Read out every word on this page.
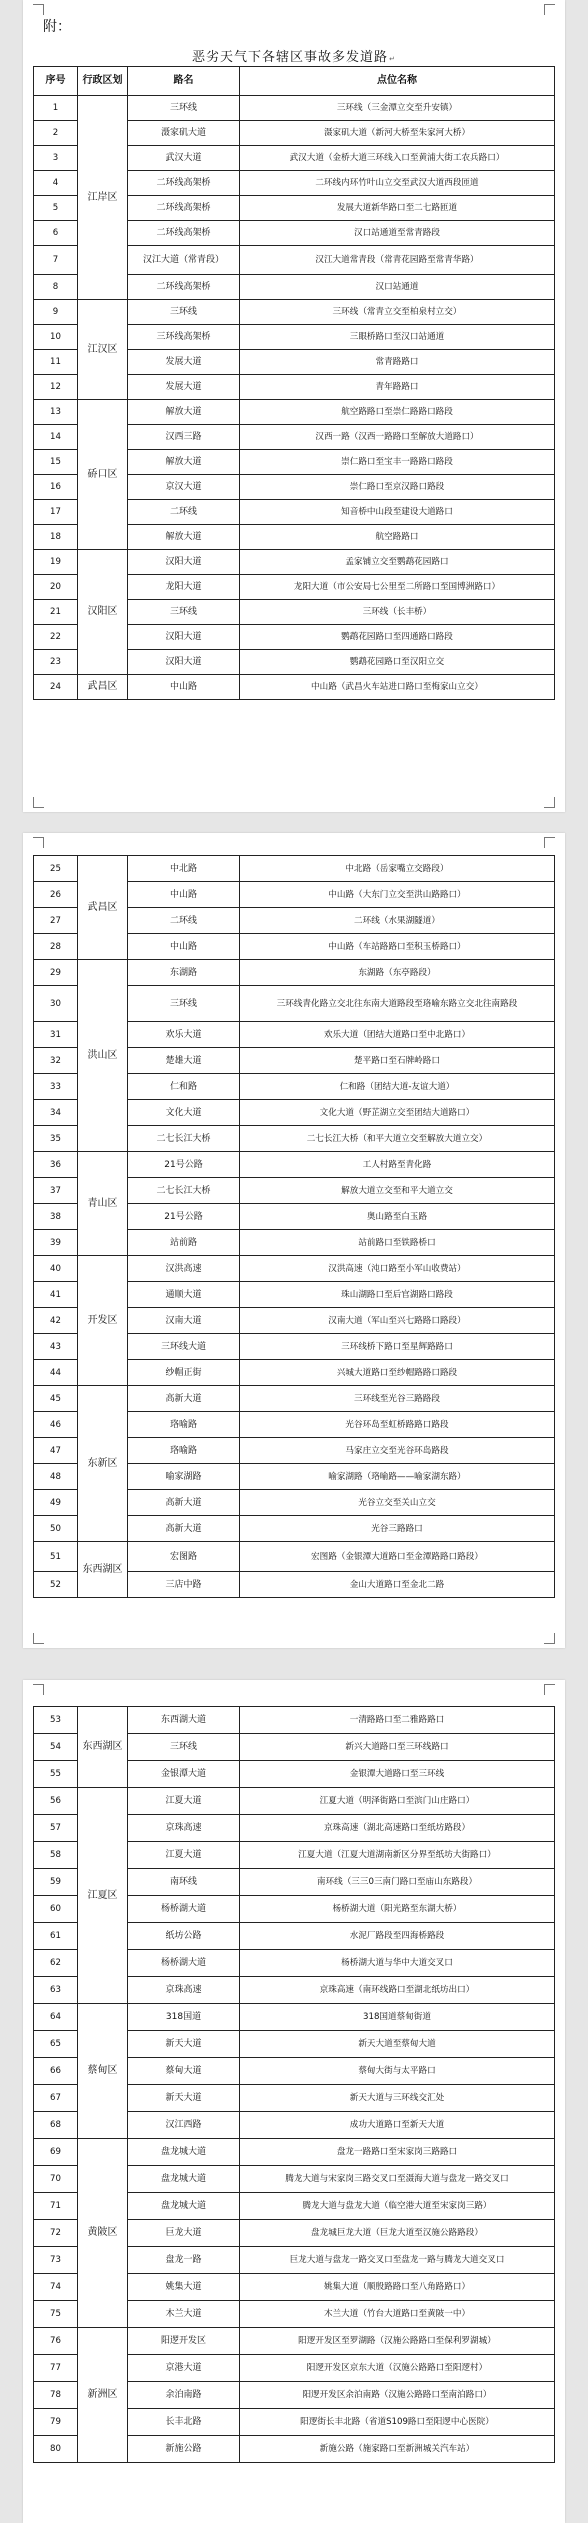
附：
恶劣天气下各辖区事故多发道路↵
序号	行政区划	路名	点位名称
1	江岸区	三环线	三环线（三金潭立交至升安镇）
2		滠家矶大道	滠家矶大道（新河大桥至朱家河大桥）
3		武汉大道	武汉大道（金桥大道三环线入口至黄浦大街工农兵路口）
4		二环线高架桥	二环线内环竹叶山立交至武汉大道西段匝道
5		二环线高架桥	发展大道新华路口至二七路匝道
6		二环线高架桥	汉口站通道至常青路段
7		汉江大道（常青段）	汉江大道常青段（常青花园路至常青华路）
8		二环线高架桥	汉口站通道
9	江汉区	三环线	三环线（常青立交至柏泉村立交）
10		三环线高架桥	三眼桥路口至汉口站通道
11		发展大道	常青路路口
12		发展大道	青年路路口
13	硚口区	解放大道	航空路路口至崇仁路路口路段
14		汉西三路	汉西一路（汉西一路路口至解放大道路口）
15		解放大道	崇仁路口至宝丰一路路口路段
16		京汉大道	崇仁路口至京汉路口路段
17		二环线	知音桥中山段至建设大道路口
18		解放大道	航空路路口
19	汉阳区	汉阳大道	孟家铺立交至鹦鹉花园路口
20		龙阳大道	龙阳大道（市公安局七公里至二所路口至国博洲路口）
21		三环线	三环线（长丰桥）
22		汉阳大道	鹦鹉花园路口至四通路口路段
23		汉阳大道	鹦鹉花园路口至汉阳立交
24	武昌区	中山路	中山路（武昌火车站进口路口至梅家山立交）
25	武昌区	中北路	中北路（岳家嘴立交路段）
26		中山路	中山路（大东门立交至洪山路路口）
27		二环线	二环线（水果湖隧道）
28		中山路	中山路（车站路路口至积玉桥路口）
29	洪山区	东湖路	东湖路（东亭路段）
30		三环线	三环线青化路立交北往东南大道路段至珞喻东路立交北往南路段
31		欢乐大道	欢乐大道（团结大道路口至中北路口）
32		楚雄大道	楚平路口至石牌岭路口
33		仁和路	仁和路（团结大道-友谊大道）
34		文化大道	文化大道（野芷湖立交至团结大道路口）
35		二七长江大桥	二七长江大桥（和平大道立交至解放大道立交）
36	青山区	21号公路	工人村路至青化路
37		二七长江大桥	解放大道立交至和平大道立交
38		21号公路	奥山路至白玉路
39		站前路	站前路口至铁路桥口
40	开发区	汉洪高速	汉洪高速（沌口路至小军山收费站）
41		通顺大道	珠山湖路口至后官湖路口路段
42		汉南大道	汉南大道（军山至兴七路路口路段）
43		三环线大道	三环线桥下路口至星辉路路口
44		纱帽正街	兴城大道路口至纱帽路路口路段
45	东新区	高新大道	三环线至光谷三路路段
46		珞喻路	光谷环岛至虹桥路路口路段
47		珞喻路	马家庄立交至光谷环岛路段
48		喻家湖路	喻家湖路（珞喻路——喻家湖东路）
49		高新大道	光谷立交至关山立交
50		高新大道	光谷三路路口
51	东西湖区	宏图路	宏图路（金银潭大道路口至金潭路路口路段）
52		三店中路	金山大道路口至金北二路
53	东西湖区	东西湖大道	一清路路口至二雅路路口
54		三环线	新兴大道路口至三环线路口
55		金银潭大道	金银潭大道路口至三环线
56	江夏区	江夏大道	江夏大道（明泽街路口至滨门山庄路口）
57		京珠高速	京珠高速（湖北高速路口至纸坊路段）
58		江夏大道	江夏大道（江夏大道湖南新区分界至纸坊大街路口）
59		南环线	南环线（三三0三南门路口至庙山东路段）
60		杨桥湖大道	杨桥湖大道（阳光路至东湖大桥）
61		纸坊公路	水泥厂路段至四海桥路段
62		杨桥湖大道	杨桥湖大道与华中大道交叉口
63		京珠高速	京珠高速（南环线路口至湖北纸坊出口）
64	蔡甸区	318国道	318国道蔡甸街道
65		新天大道	新天大道至蔡甸大道
66		蔡甸大道	蔡甸大街与太平路口
67		新天大道	新天大道与三环线交汇处
68		汉江西路	成功大道路口至新天大道
69	黄陂区	盘龙城大道	盘龙一路路口至宋家岗三路路口
70		盘龙城大道	腾龙大道与宋家岗三路交叉口至滠海大道与盘龙一路交叉口
71		盘龙城大道	腾龙大道与盘龙大道（临空港大道至宋家岗三路）
72		巨龙大道	盘龙城巨龙大道（巨龙大道至汉施公路路段）
73		盘龙一路	巨龙大道与盘龙一路交叉口至盘龙一路与腾龙大道交叉口
74		姚集大道	姚集大道（顺殷路路口至八角路路口）
75		木兰大道	木兰大道（竹台大道路口至黄陂一中）
76	新洲区	阳逻开发区	阳逻开发区至罗湖路（汉施公路路口至保利罗湖城）
77		京港大道	阳逻开发区京东大道（汉施公路路口至阳逻村）
78		余泊南路	阳逻开发区余泊南路（汉施公路路口至南泊路口）
79		长丰北路	阳逻街长丰北路（省道S109路口至阳逻中心医院）
80		新施公路	新施公路（施家路口至新洲城关汽车站）
